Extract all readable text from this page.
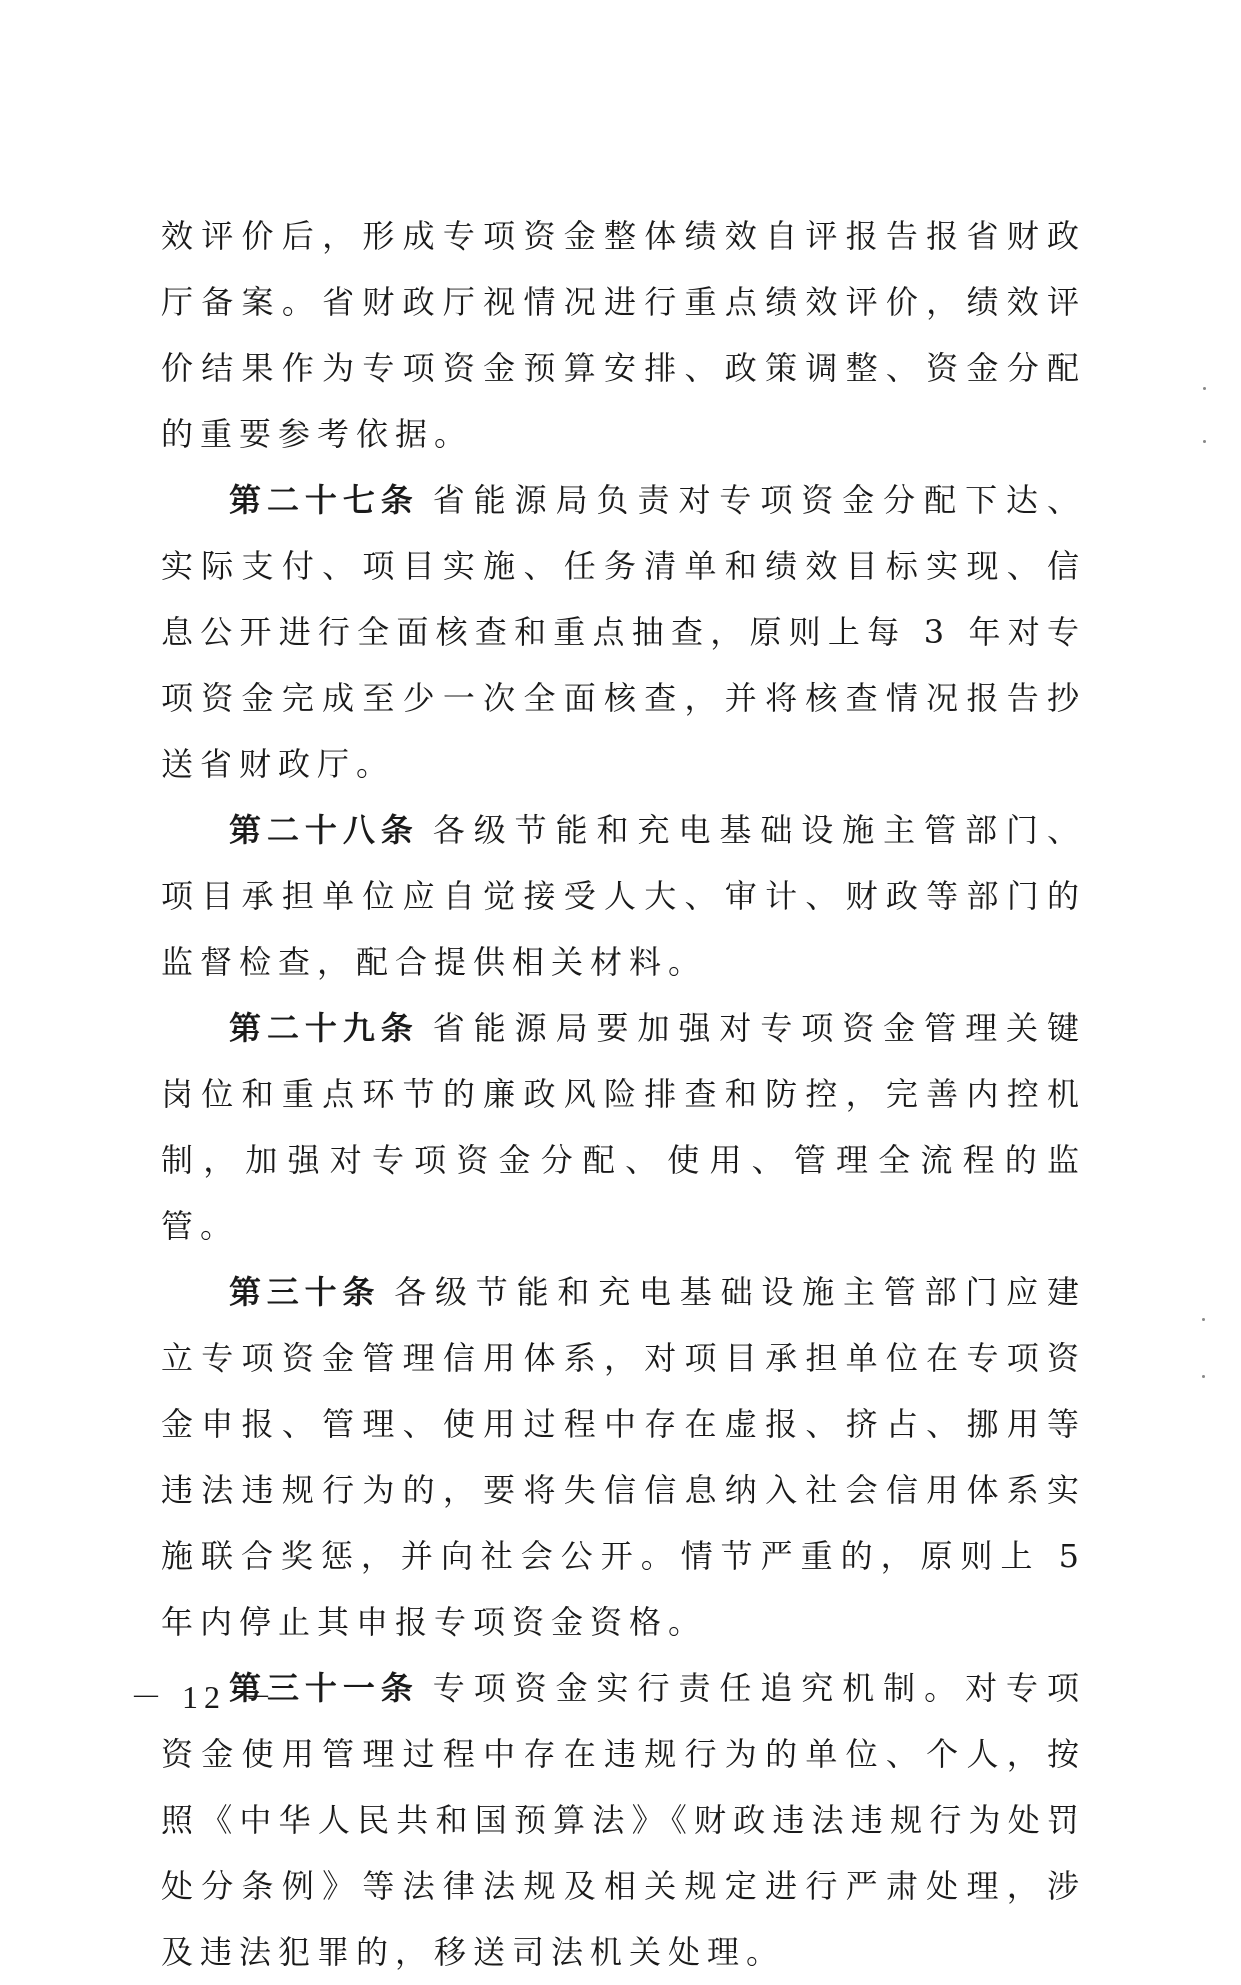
效评价后，形成专项资金整体绩效自评报告报省财政厅备案。省财政厅视情况进行重点绩效评价，绩效评价结果作为专项资金预算安排、政策调整、资金分配的重要参考依据。

第二十七条 省能源局负责对专项资金分配下达、实际支付、项目实施、任务清单和绩效目标实现、信息公开进行全面核查和重点抽查，原则上每 3 年对专项资金完成至少一次全面核查，并将核查情况报告抄送省财政厅。

第二十八条 各级节能和充电基础设施主管部门、项目承担单位应自觉接受人大、审计、财政等部门的监督检查，配合提供相关材料。

第二十九条 省能源局要加强对专项资金管理关键岗位和重点环节的廉政风险排查和防控，完善内控机制，加强对专项资金分配、使用、管理全流程的监管。

第三十条 各级节能和充电基础设施主管部门应建立专项资金管理信用体系，对项目承担单位在专项资金申报、管理、使用过程中存在虚报、挤占、挪用等违法违规行为的，要将失信信息纳入社会信用体系实施联合奖惩，并向社会公开。情节严重的，原则上 5 年内停止其申报专项资金资格。

第三十一条 专项资金实行责任追究机制。对专项资金使用管理过程中存在违规行为的单位、个人，按照《中华人民共和国预算法》《财政违法违规行为处罚处分条例》等法律法规及相关规定进行严肃处理，涉及违法犯罪的，移送司法机关处理。

－ 12 －
